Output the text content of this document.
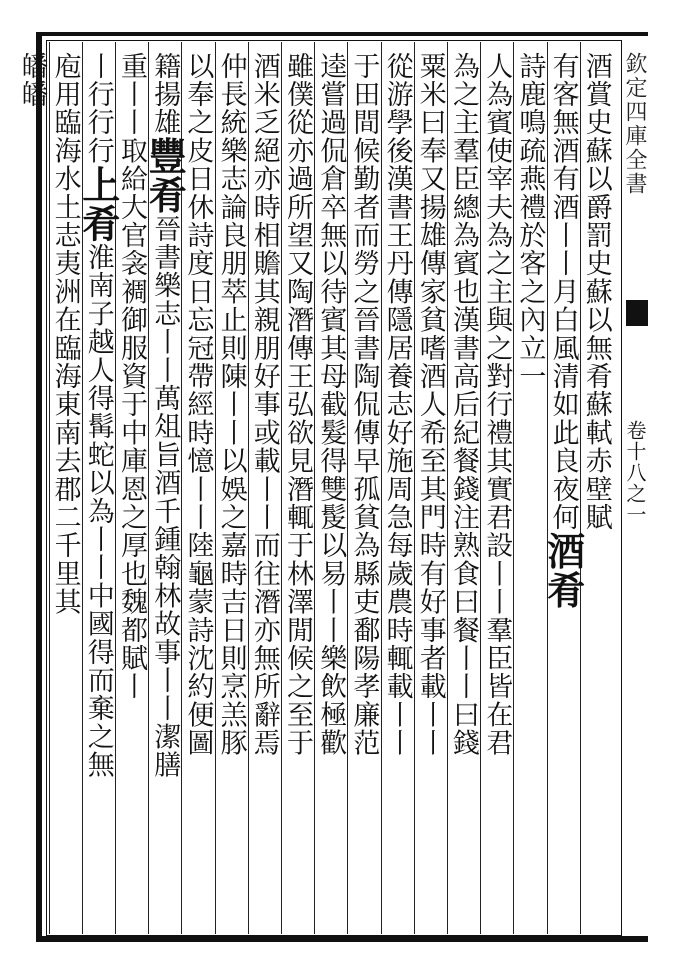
欽定四庫全書
卷十八之一
酒賞史蘇以爵罰史蘇以無肴蘇軾赤壁賦
有客無酒有酒丨丨月白風清如此良夜何酒肴
詩鹿鳴疏燕禮於客之內立一
人為賓使宰夫為之主與之對行禮其實君設丨丨羣臣皆在君
為之主羣臣總為賓也漢書高后紀餐錢注熟食曰餐丨丨曰錢
粟米曰奉又揚雄傳家貧嗜酒人希至其門時有好事者載丨丨
從游學後漢書王丹傳隱居養志好施周急每歲農時輒載丨丨
于田間候勤者而勞之晉書陶侃傳早孤貧為縣吏鄱陽孝廉范
逵嘗過侃倉卒無以待賓其母截髮得雙髲以易丨丨樂飲極歡
雖僕從亦過所望又陶潛傳王弘欲見潛輒于林澤閒候之至于
酒米乏絕亦時相贍其親朋好事或載丨丨而往潛亦無所辭焉
仲長統樂志論良朋萃止則陳丨丨以娛之嘉時吉日則烹羔豚
以奉之皮日休詩度日忘冠帶經時憶丨丨陸龜蒙詩沈約便圖
籍揚雄豐肴晉書樂志丨丨萬俎旨酒千鍾翰林故事丨丨潔膳
重丨丨取給大官衾裯御服資于中庫恩之厚也魏都賦丨
丨行行行上肴淮南子越人得髯蛇以為丨丨中國得而棄之無
庖用臨海水土志夷洲在臨海東南去郡二千里其
皤皤
